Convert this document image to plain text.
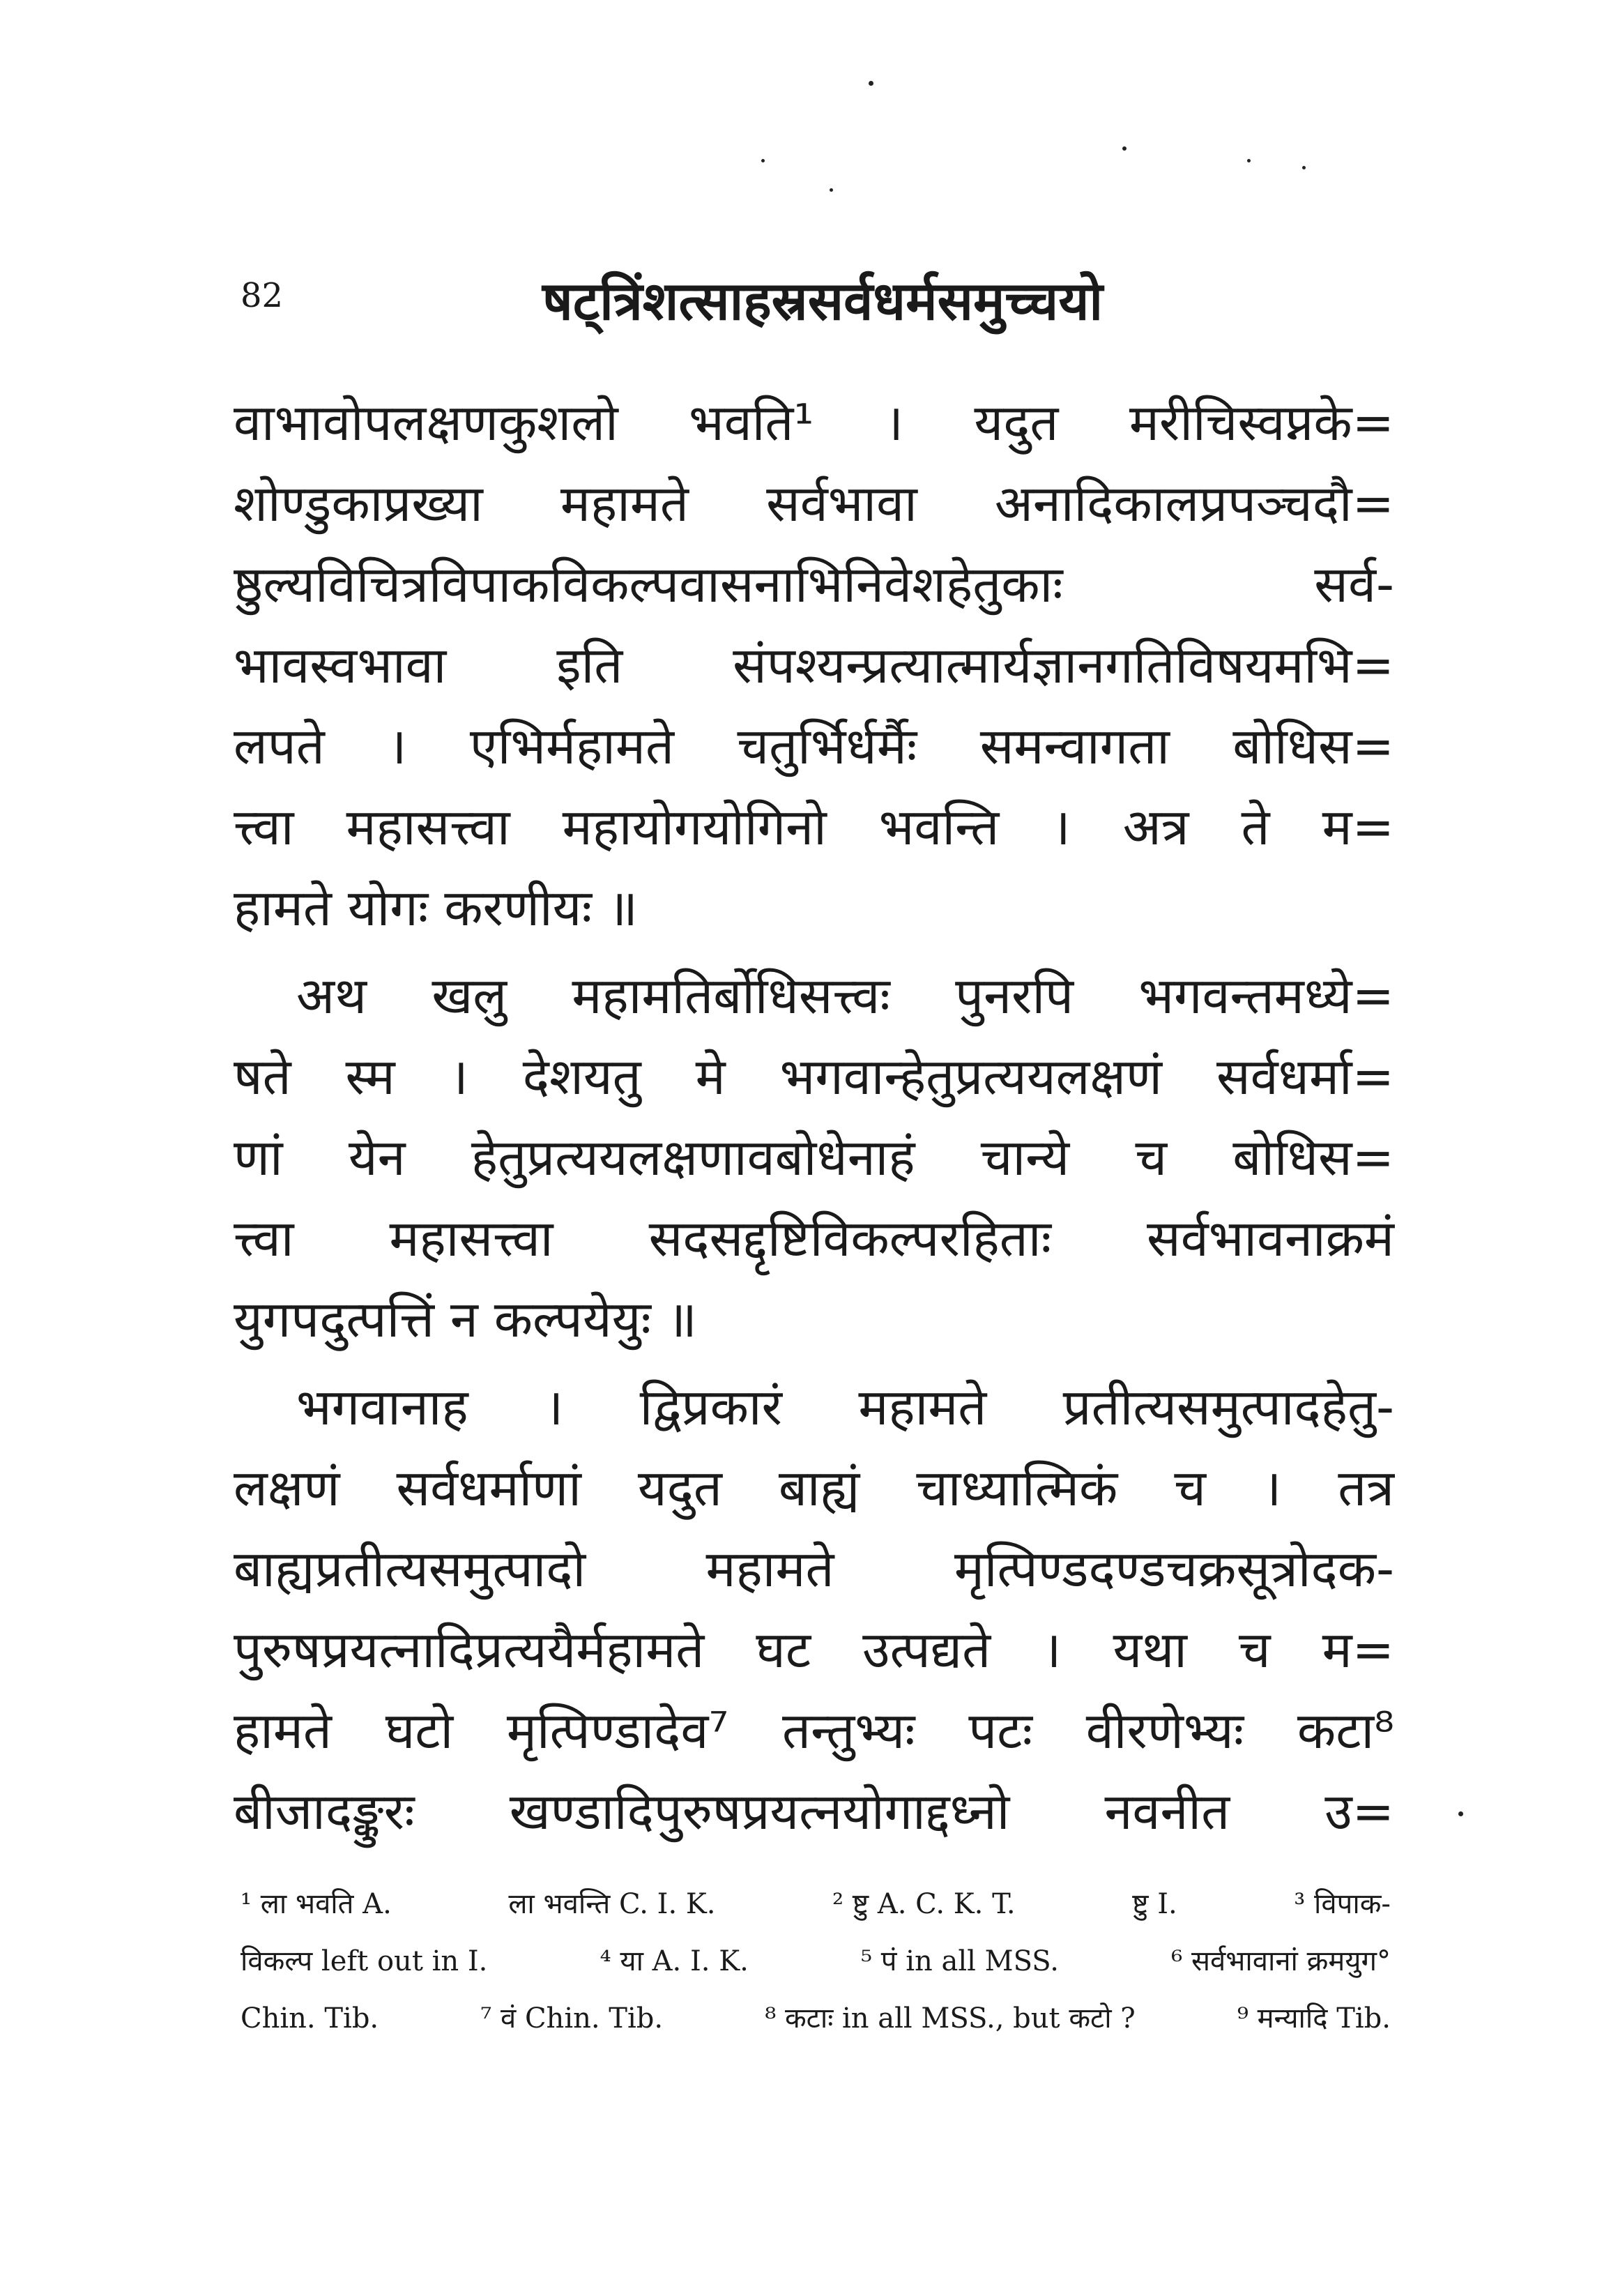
82	षट्त्रिंशत्साहस्रसर्वधर्मसमुच्चयो
वाभावोपलक्षणकुशलो भवति¹ । यदुत मरीचिस्वप्नके=
शोण्डुकाप्रख्या महामते सर्वभावा अनादिकालप्रपञ्चदौ=
ष्ठुल्यविचित्रविपाकविकल्पवासनाभिनिवेशहेतुकाः सर्व-
भावस्वभावा इति संपश्यन्प्रत्यात्मार्यज्ञानगतिविषयमभि=
लपते । एभिर्महामते चतुर्भिर्धर्मैः समन्वागता बोधिस=
त्त्वा महासत्त्वा महायोगयोगिनो भवन्ति । अत्र ते म=
हामते योगः करणीयः ॥
अथ खलु महामतिर्बोधिसत्त्वः पुनरपि भगवन्तमध्ये=
षते स्म । देशयतु मे भगवान्हेतुप्रत्ययलक्षणं सर्वधर्मा=
णां येन हेतुप्रत्ययलक्षणावबोधेनाहं चान्ये च बोधिस=
त्त्वा महासत्त्वा सदसद्दृष्टिविकल्परहिताः सर्वभावनाक्रमं
युगपदुत्पत्तिं न कल्पयेयुः ॥
भगवानाह । द्विप्रकारं महामते प्रतीत्यसमुत्पादहेतु-
लक्षणं सर्वधर्माणां यदुत बाह्यं चाध्यात्मिकं च । तत्र
बाह्यप्रतीत्यसमुत्पादो महामते मृत्पिण्डदण्डचक्रसूत्रोदक-
पुरुषप्रयत्नादिप्रत्ययैर्महामते घट उत्पद्यते । यथा च म=
हामते घटो मृत्पिण्डादेव⁷ तन्तुभ्यः पटः वीरणेभ्यः कटा⁸
बीजादङ्कुरः खण्डादिपुरुषप्रयत्नयोगाद्दध्नो नवनीत उ=
¹ ला भवति A.	ला भवन्ति C. I. K.	² ष्टु A. C. K. T.	ष्टु I.	³ विपाक-
विकल्प left out in I.	⁴ या A. I. K.	⁵ पं in all MSS.	⁶ सर्वभावानां क्रमयुग°
Chin. Tib.	⁷ वं Chin. Tib.	⁸ कटाः in all MSS., but कटो ?	⁹ मन्यादि Tib.
